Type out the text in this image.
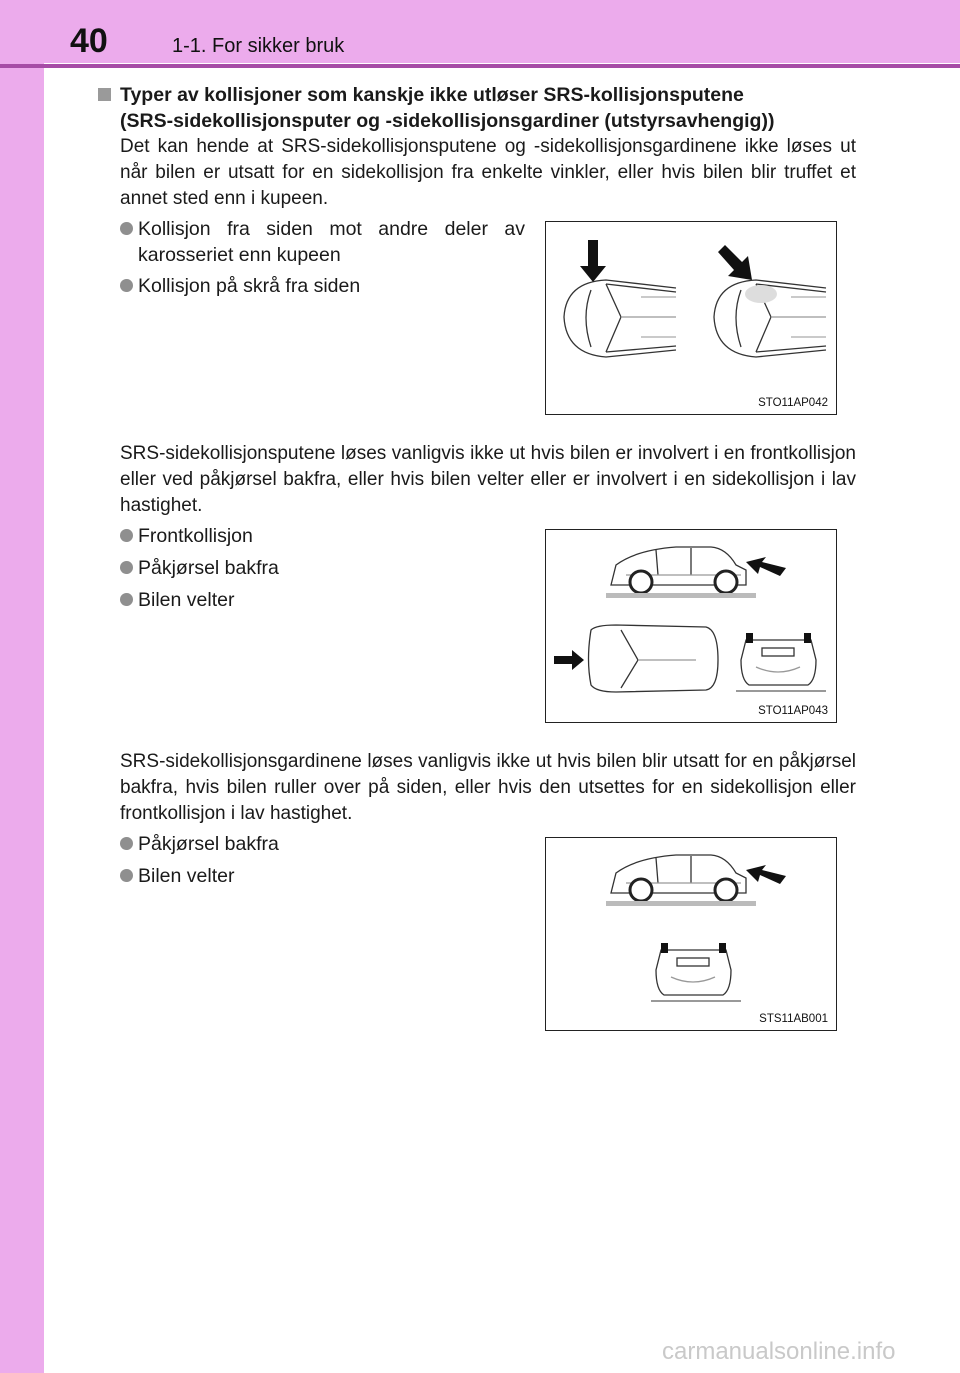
40	1-1. For sikker bruk
Typer av kollisjoner som kanskje ikke utløser SRS-kollisjonsputene
(SRS-sidekollisjonsputer og -sidekollisjonsgardiner (utstyrsavhengig))
Det kan hende at SRS-sidekollisjonsputene og -sidekollisjonsgardinene ikke løses ut når bilen er utsatt for en sidekollisjon fra enkelte vinkler, eller hvis bilen blir truffet et annet sted enn i kupeen.
Kollisjon fra siden mot andre deler av karosseriet enn kupeen
Kollisjon på skrå fra siden
STO11AP042
SRS-sidekollisjonsputene løses vanligvis ikke ut hvis bilen er involvert i en frontkollisjon eller ved påkjørsel bakfra, eller hvis bilen velter eller er involvert i en sidekollisjon i lav hastighet.
Frontkollisjon
Påkjørsel bakfra
Bilen velter
STO11AP043
SRS-sidekollisjonsgardinene løses vanligvis ikke ut hvis bilen blir utsatt for en påkjørsel bakfra, hvis bilen ruller over på siden, eller hvis den utsettes for en sidekollisjon eller frontkollisjon i lav hastighet.
Påkjørsel bakfra
Bilen velter
STS11AB001
carmanualsonline.info
